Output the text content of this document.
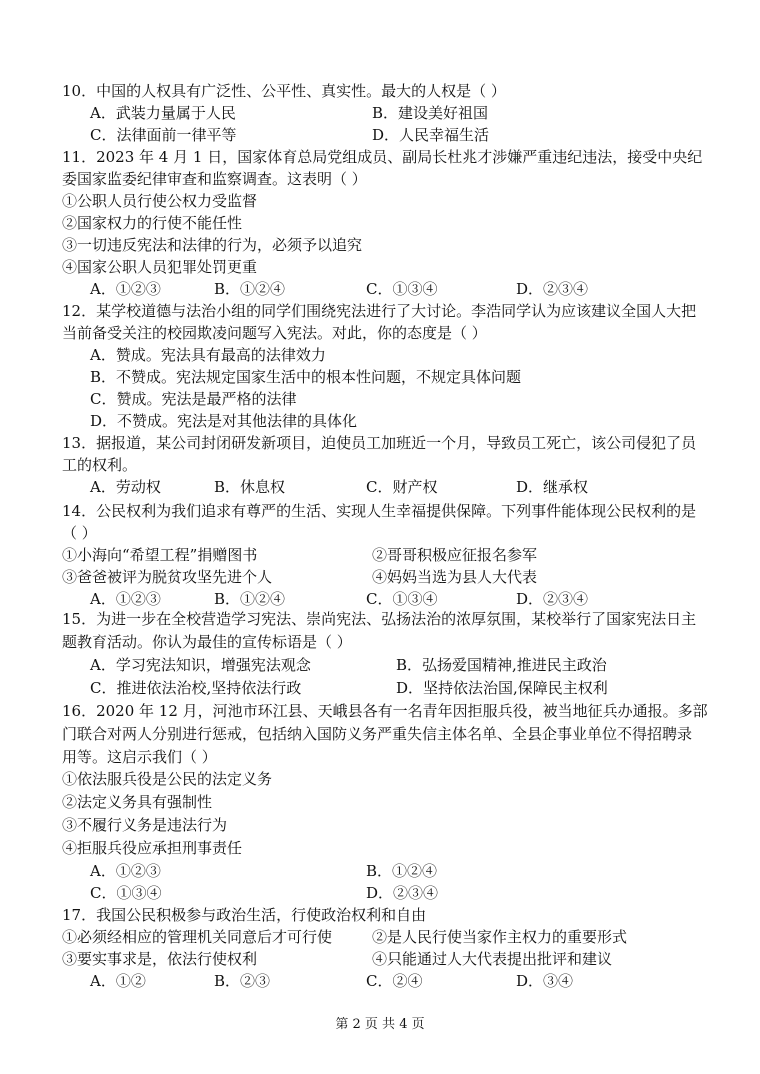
10．中国的人权具有广泛性、公平性、真实性。最大的人权是（ ）
A．武装力量属于人民	B．建设美好祖国
C．法律面前一律平等	D．人民幸福生活
11．2023 年 4 月 1 日，国家体育总局党组成员、副局长杜兆才涉嫌严重违纪违法，接受中央纪
委国家监委纪律审查和监察调查。这表明（ ）
①公职人员行使公权力受监督
②国家权力的行使不能任性
③一切违反宪法和法律的行为，必须予以追究
④国家公职人员犯罪处罚更重
A．①②③	B．①②④	C．①③④	D．②③④
12．某学校道德与法治小组的同学们围绕宪法进行了大讨论。李浩同学认为应该建议全国人大把
当前备受关注的校园欺凌问题写入宪法。对此，你的态度是（ ）
A．赞成。宪法具有最高的法律效力
B．不赞成。宪法规定国家生活中的根本性问题，不规定具体问题
C．赞成。宪法是最严格的法律
D．不赞成。宪法是对其他法律的具体化
13．据报道，某公司封闭研发新项目，迫使员工加班近一个月，导致员工死亡，该公司侵犯了员
工的权利。
A．劳动权	B．休息权	C．财产权	D．继承权
14．公民权利为我们追求有尊严的生活、实现人生幸福提供保障。下列事件能体现公民权利的是
（ ）
①小海向“希望工程”捐赠图书	②哥哥积极应征报名参军
③爸爸被评为脱贫攻坚先进个人	④妈妈当选为县人大代表
A．①②③	B．①②④	C．①③④	D．②③④
15．为进一步在全校营造学习宪法、崇尚宪法、弘扬法治的浓厚氛围，某校举行了国家宪法日主
题教育活动。你认为最佳的宣传标语是（ ）
A．学习宪法知识，增强宪法观念	B．弘扬爱国精神,推进民主政治
C．推进依法治校,坚持依法行政	D．坚持依法治国,保障民主权利
16．2020 年 12 月，河池市环江县、天峨县各有一名青年因拒服兵役，被当地征兵办通报。多部
门联合对两人分别进行惩戒，包括纳入国防义务严重失信主体名单、全县企事业单位不得招聘录
用等。这启示我们（ ）
①依法服兵役是公民的法定义务
②法定义务具有强制性
③不履行义务是违法行为
④拒服兵役应承担刑事责任
A．①②③	B．①②④
C．①③④	D．②③④
17．我国公民积极参与政治生活，行使政治权利和自由
①必须经相应的管理机关同意后才可行使	②是人民行使当家作主权力的重要形式
第 2 页 共 4 页
③要实事求是，依法行使权利	④只能通过人大代表提出批评和建议
A．①②	B．②③	C．②④	D．③④
